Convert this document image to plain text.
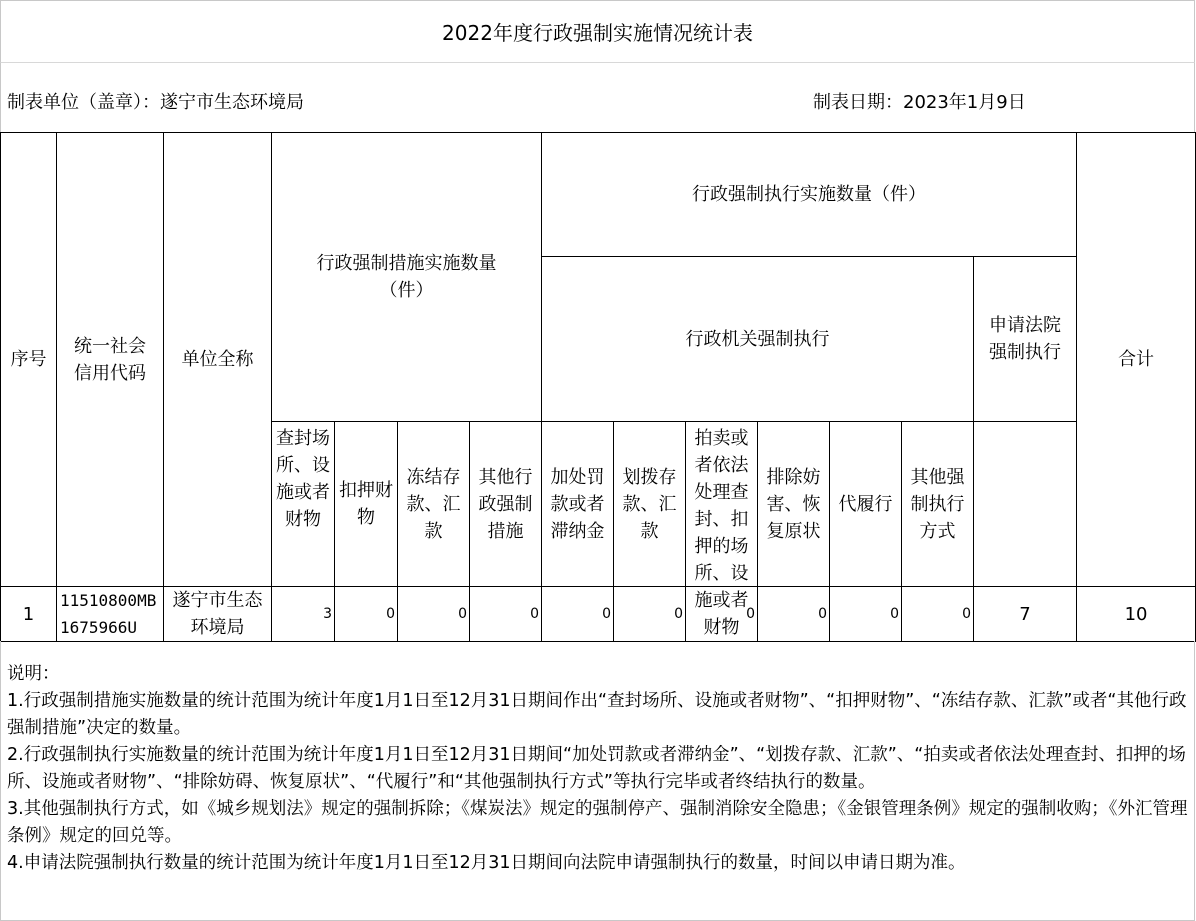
2022年度行政强制实施情况统计表
制表单位（盖章）：遂宁市生态环境局	制表日期：2023年1月9日
序号	统一社会信用代码	单位全称	行政强制措施实施数量（件）				行政强制执行实施数量（件）							合计
							行政机关强制执行						申请法院强制执行	

			查封场所、设施或者财物	扣押财物	冻结存款、汇款	其他行政强制措施	加处罚款或者滞纳金	划拨存款、汇款	拍卖或者依法处理查封、扣押的场所、设施或者财物	排除妨害、恢复原状	代履行	其他强制执行方式		
1	11510800MB1675966U	遂宁市生态环境局	3	0	0	0	0	0	0	0	0	0	7	10

说明：

1.行政强制措施实施数量的统计范围为统计年度1月1日至12月31日期间作出“查封场所、设施或者财物”、“扣押财物”、“冻结存款、汇款”或者“其他行政强制措施”决定的数量。

2.行政强制执行实施数量的统计范围为统计年度1月1日至12月31日期间“加处罚款或者滞纳金”、“划拨存款、汇款”、“拍卖或者依法处理查封、扣押的场所、设施或者财物”、“排除妨碍、恢复原状”、“代履行”和“其他强制执行方式”等执行完毕或者终结执行的数量。

3.其他强制执行方式，如《城乡规划法》规定的强制拆除；《煤炭法》规定的强制停产、强制消除安全隐患；《金银管理条例》规定的强制收购；《外汇管理条例》规定的回兑等。

4.申请法院强制执行数量的统计范围为统计年度1月1日至12月31日期间向法院申请强制执行的数量，时间以申请日期为准。
